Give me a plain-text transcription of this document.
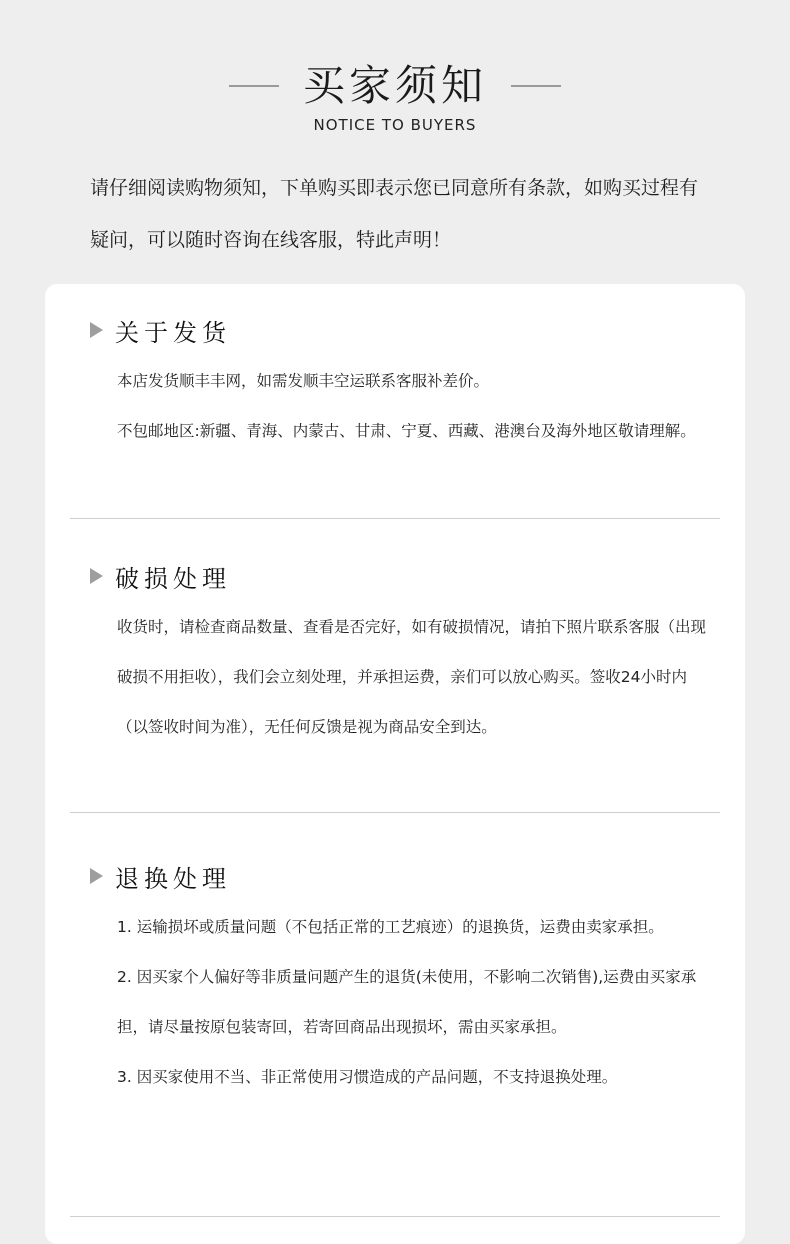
买家须知
NOTICE TO BUYERS
请仔细阅读购物须知，下单购买即表示您已同意所有条款，如购买过程有疑问，可以随时咨询在线客服，特此声明！
关于发货
本店发货顺丰丰网，如需发顺丰空运联系客服补差价。
不包邮地区:新疆、青海、内蒙古、甘肃、宁夏、西藏、港澳台及海外地区敬请理解。
破损处理
收货时，请检查商品数量、查看是否完好，如有破损情况，请拍下照片联系客服（出现破损不用拒收），我们会立刻处理，并承担运费，亲们可以放心购买。签收24小时内（以签收时间为准），无任何反馈是视为商品安全到达。
退换处理
1. 运输损坏或质量问题（不包括正常的工艺痕迹）的退换货，运费由卖家承担。
2. 因买家个人偏好等非质量问题产生的退货(未使用，不影响二次销售),运费由买家承担，请尽量按原包装寄回，若寄回商品出现损坏，需由买家承担。
3. 因买家使用不当、非正常使用习惯造成的产品问题，不支持退换处理。
